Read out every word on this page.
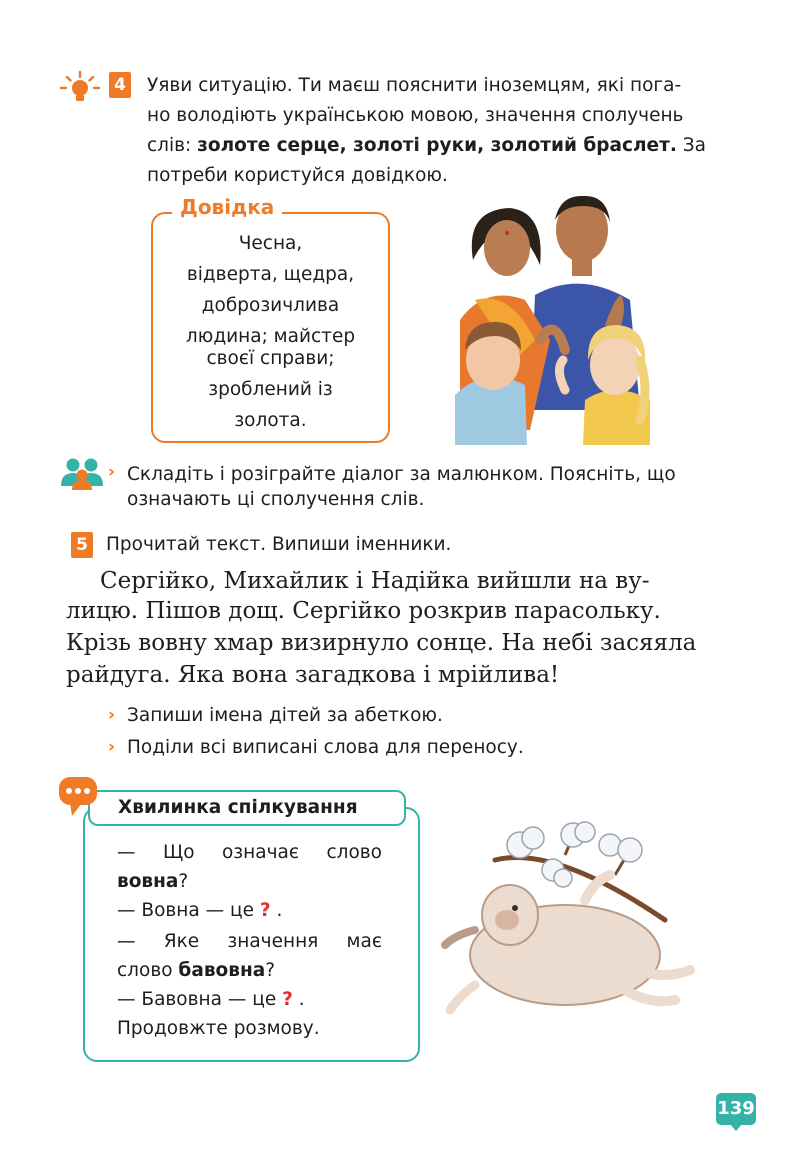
4 Уяви ситуацію. Ти маєш пояснити іноземцям, які пога-
но володіють українською мовою, значення сполучень
слів: золоте серце, золоті руки, золотий браслет. За
потреби користуйся довідкою.
Довідка
Чесна,
відверта, щедра,
доброзичлива
людина; майстер
своєї справи;
зроблений із
золота.
› Складіть і розіграйте діалог за малюнком. Поясніть, що
означають ці сполучення слів.
5 Прочитай текст. Випиши іменники.
Сергійко, Михайлик і Надійка вийшли на ву-
лицю. Пішов дощ. Сергійко розкрив парасольку.
Крізь вовну хмар визирнуло сонце. На небі засяяла
райдуга. Яка вона загадкова і мрійлива!
› Запиши імена дітей за абеткою.
› Поділи всі виписані слова для переносу.
Хвилинка спілкування
— Що означає слово
вовна?
— Вовна — це ? .
— Яке значення має
слово бавовна?
— Бавовна — це ? .
Продовжте розмову.
139
